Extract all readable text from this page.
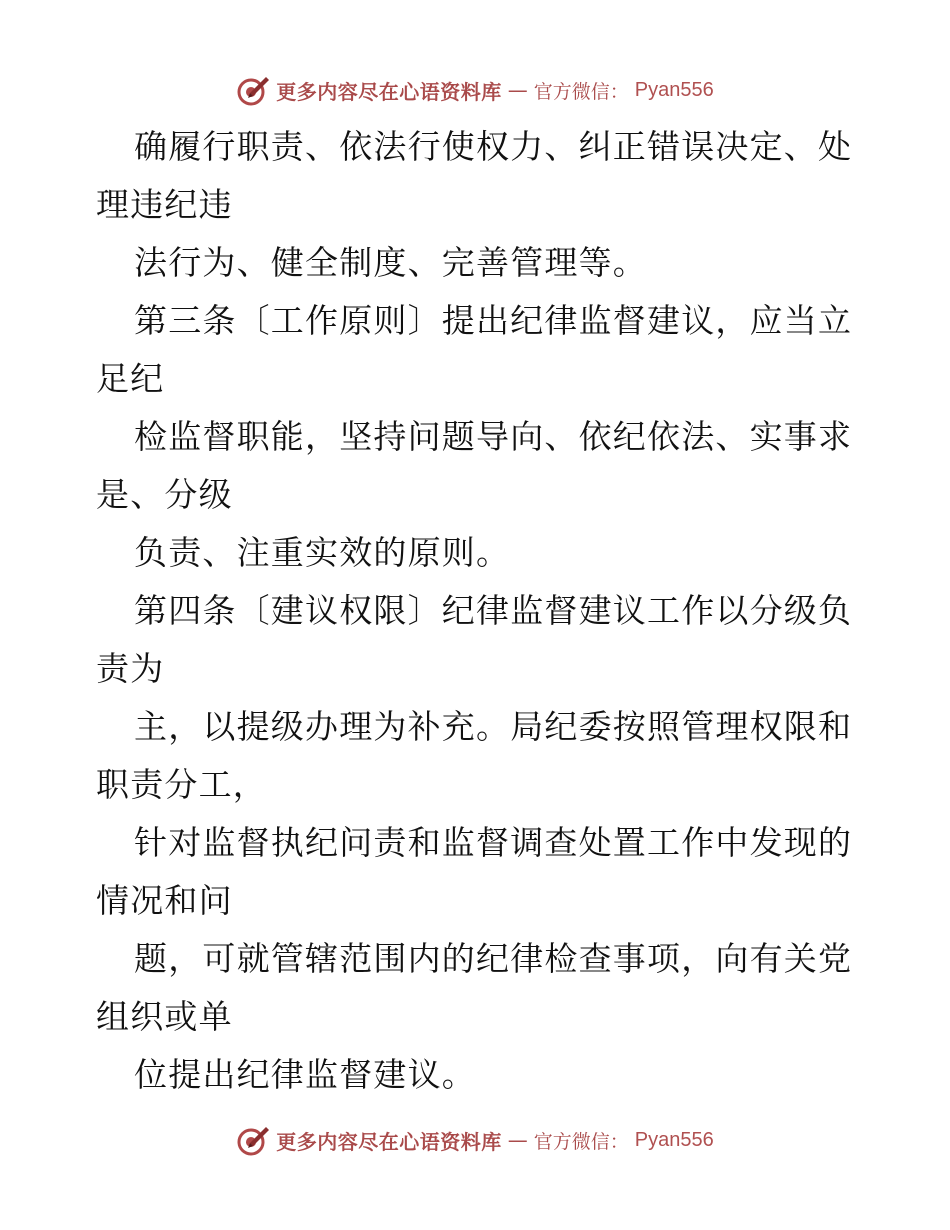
更多内容尽在心语资料库 — 官方微信： Pyan556
确履行职责、依法行使权力、纠正错误决定、处
理违纪违
法行为、健全制度、完善管理等。
第三条〔工作原则〕提出纪律监督建议，应当立
足纪
检监督职能，坚持问题导向、依纪依法、实事求
是、分级
负责、注重实效的原则。
第四条〔建议权限〕纪律监督建议工作以分级负
责为
主，以提级办理为补充。局纪委按照管理权限和
职责分工，
针对监督执纪问责和监督调查处置工作中发现的
情况和问
题，可就管辖范围内的纪律检查事项，向有关党
组织或单
位提出纪律监督建议。
更多内容尽在心语资料库 — 官方微信： Pyan556
